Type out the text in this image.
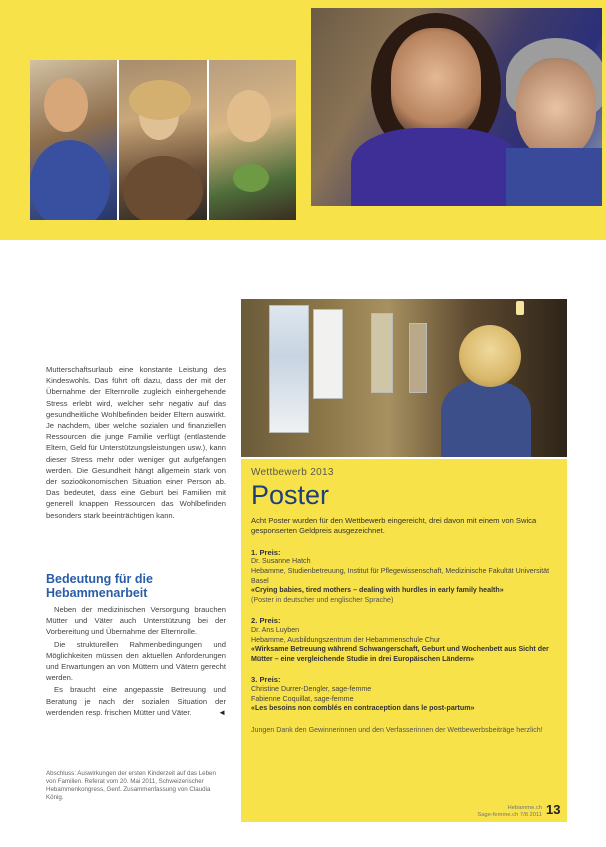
Mutterschaftsurlaub eine konstante Leistung des Kindeswohls. Das führt oft dazu, dass der mit der Übernahme der Elternrolle zugleich einhergehende Stress erlebt wird, welcher sehr negativ auf das gesundheitliche Wohlbefinden beider Eltern auswirkt. Je nachdem, über welche sozialen und finanziellen Ressourcen die junge Familie verfügt (entlastende Eltern, Geld für Unterstützungsleistungen usw.), kann dieser Stress mehr oder weniger gut aufgefangen werden. Die Gesundheit hängt allgemein stark von der sozioökonomischen Situation einer Person ab. Das bedeutet, dass eine Geburt bei Familien mit generell knappen Ressourcen das Wohlbefinden besonders stark beeinträchtigen kann.

Bedeutung für die Hebammenarbeit

Neben der medizinischen Versorgung brauchen Mütter und Väter auch Unterstützung bei der Vorbereitung und Übernahme der Elternrolle.

Die strukturellen Rahmenbedingungen und Möglichkeiten müssen den aktuellen Anforderungen und Erwartungen an von Müttern und Vätern gerecht werden.

Es braucht eine angepasste Betreuung und Beratung je nach der sozialen Situation der werdenden resp. frischen Mütter und Väter.	◄

Abschluss: Auswirkungen der ersten Kinderzeit auf das Leben von Familien. Referat vom 20. Mai 2011, Schweizerischer Hebammenkongress, Genf. Zusammenfassung von Claudia König.
Wettbewerb 2013
Poster
Acht Poster wurden für den Wettbewerb eingereicht, drei davon mit einem von Swica gesponserten Geldpreis ausgezeichnet.
1. Preis:
Dr. Susanne Hatch
Hebamme, Studienbetreuung, Institut für Pflegewissenschaft, Medizinische Fakultät Universität Basel
«Crying babies, tired mothers – dealing with hurdles in early family health»
(Poster in deutscher und englischer Sprache)
2. Preis:
Dr. Ans Luyben
Hebamme, Ausbildungszentrum der Hebammenschule Chur
«Wirksame Betreuung während Schwangerschaft, Geburt und Wochenbett aus Sicht der Mütter – eine vergleichende Studie in drei Europäischen Ländern»
3. Preis:
Christine Durrer-Dengler, sage-femme
Fabienne Coquillat, sage-femme
«Les besoins non comblés en contraception dans le post-partum»
Jungen Dank den Gewinnerinnen und den Verfasserinnen der Wettbewerbsbeiträge herzlich!
Hebamme.ch
Sage-femme.ch 7/8 2011 13
